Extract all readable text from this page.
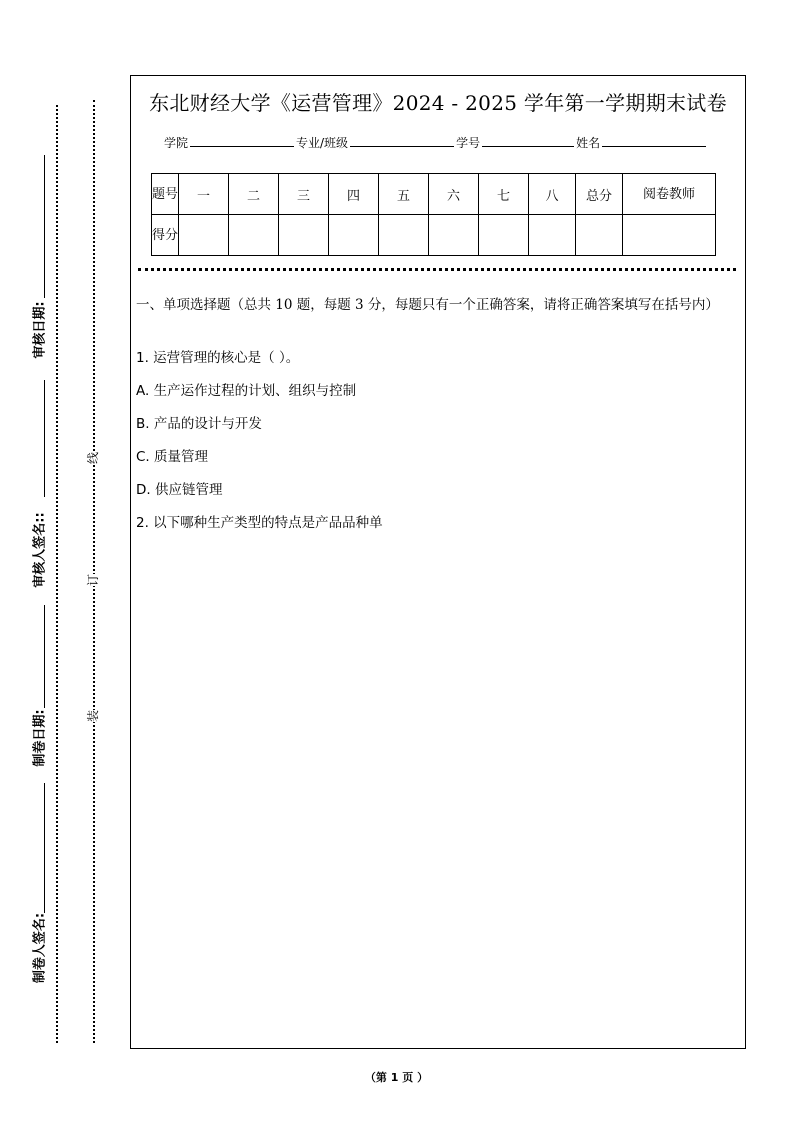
审核日期:
审核人签名::
制卷日期:
制卷人签名:
线
订
装
东北财经大学《运营管理》2024 - 2025 学年第一学期期末试卷
学院	专业/班级	学号	姓名
题号	一	二	三	四	五	六	七	八	总分	阅卷教师
得分										
一、单项选择题（总共 10 题，每题 3 分，每题只有一个正确答案，请将正确答案填写在括号内）
1. 运营管理的核心是（ ）。
A. 生产运作过程的计划、组织与控制
B. 产品的设计与开发
C. 质量管理
D. 供应链管理
2. 以下哪种生产类型的特点是产品品种单
（第 1 页 ）
